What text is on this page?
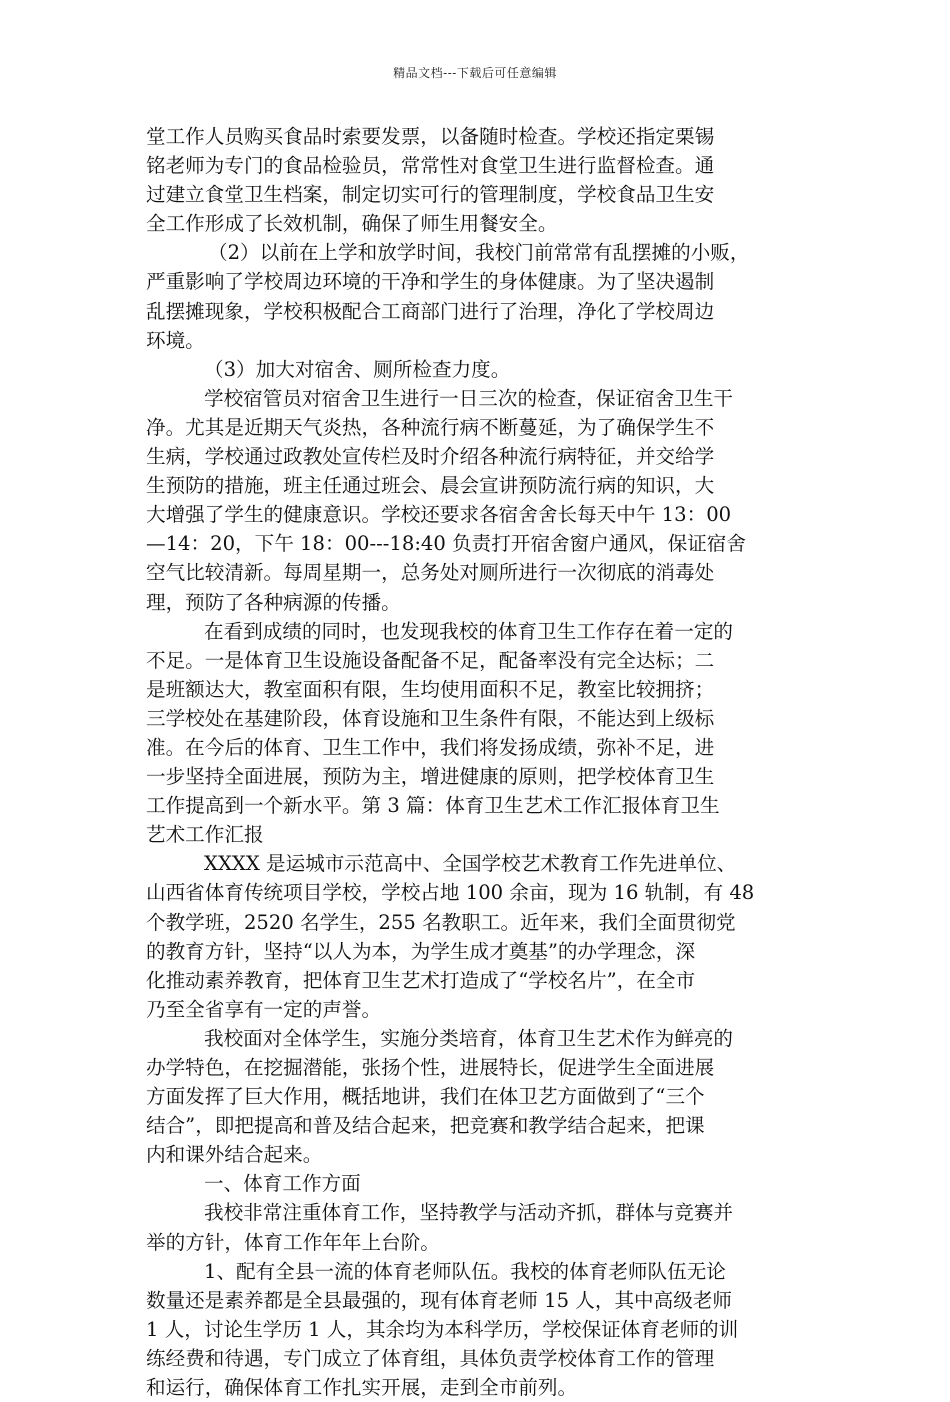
精品文档---下载后可任意编辑
堂工作人员购买食品时索要发票，以备随时检查。学校还指定栗锡
铭老师为专门的食品检验员，常常性对食堂卫生进行监督检查。通
过建立食堂卫生档案，制定切实可行的管理制度，学校食品卫生安
全工作形成了长效机制，确保了师生用餐安全。
（2）以前在上学和放学时间，我校门前常常有乱摆摊的小贩，
严重影响了学校周边环境的干净和学生的身体健康。为了坚决遏制
乱摆摊现象，学校积极配合工商部门进行了治理，净化了学校周边
环境。
（3）加大对宿舍、厕所检查力度。
学校宿管员对宿舍卫生进行一日三次的检查，保证宿舍卫生干
净。尤其是近期天气炎热，各种流行病不断蔓延，为了确保学生不
生病，学校通过政教处宣传栏及时介绍各种流行病特征，并交给学
生预防的措施，班主任通过班会、晨会宣讲预防流行病的知识，大
大增强了学生的健康意识。学校还要求各宿舍舍长每天中午 13：00
—14：20，下午 18：00---18:40 负责打开宿舍窗户通风，保证宿舍
空气比较清新。每周星期一，总务处对厕所进行一次彻底的消毒处
理，预防了各种病源的传播。
在看到成绩的同时，也发现我校的体育卫生工作存在着一定的
不足。一是体育卫生设施设备配备不足，配备率没有完全达标；二
是班额达大，教室面积有限，生均使用面积不足，教室比较拥挤；
三学校处在基建阶段，体育设施和卫生条件有限，不能达到上级标
准。在今后的体育、卫生工作中，我们将发扬成绩，弥补不足，进
一步坚持全面进展，预防为主，增进健康的原则，把学校体育卫生
工作提高到一个新水平。第 3 篇：体育卫生艺术工作汇报体育卫生
艺术工作汇报
XXXX 是运城市示范高中、全国学校艺术教育工作先进单位、
山西省体育传统项目学校，学校占地 100 余亩，现为 16 轨制，有 48
个教学班，2520 名学生，255 名教职工。近年来，我们全面贯彻党
的教育方针，坚持“以人为本，为学生成才奠基”的办学理念，深
化推动素养教育，把体育卫生艺术打造成了“学校名片”，在全市
乃至全省享有一定的声誉。
我校面对全体学生，实施分类培育，体育卫生艺术作为鲜亮的
办学特色，在挖掘潜能，张扬个性，进展特长，促进学生全面进展
方面发挥了巨大作用，概括地讲，我们在体卫艺方面做到了“三个
结合”，即把提高和普及结合起来，把竞赛和教学结合起来，把课
内和课外结合起来。
一、体育工作方面
我校非常注重体育工作，坚持教学与活动齐抓，群体与竞赛并
举的方针，体育工作年年上台阶。
1、配有全县一流的体育老师队伍。我校的体育老师队伍无论
数量还是素养都是全县最强的，现有体育老师 15 人，其中高级老师
1 人，讨论生学历 1 人，其余均为本科学历，学校保证体育老师的训
练经费和待遇，专门成立了体育组，具体负责学校体育工作的管理
和运行，确保体育工作扎实开展，走到全市前列。
